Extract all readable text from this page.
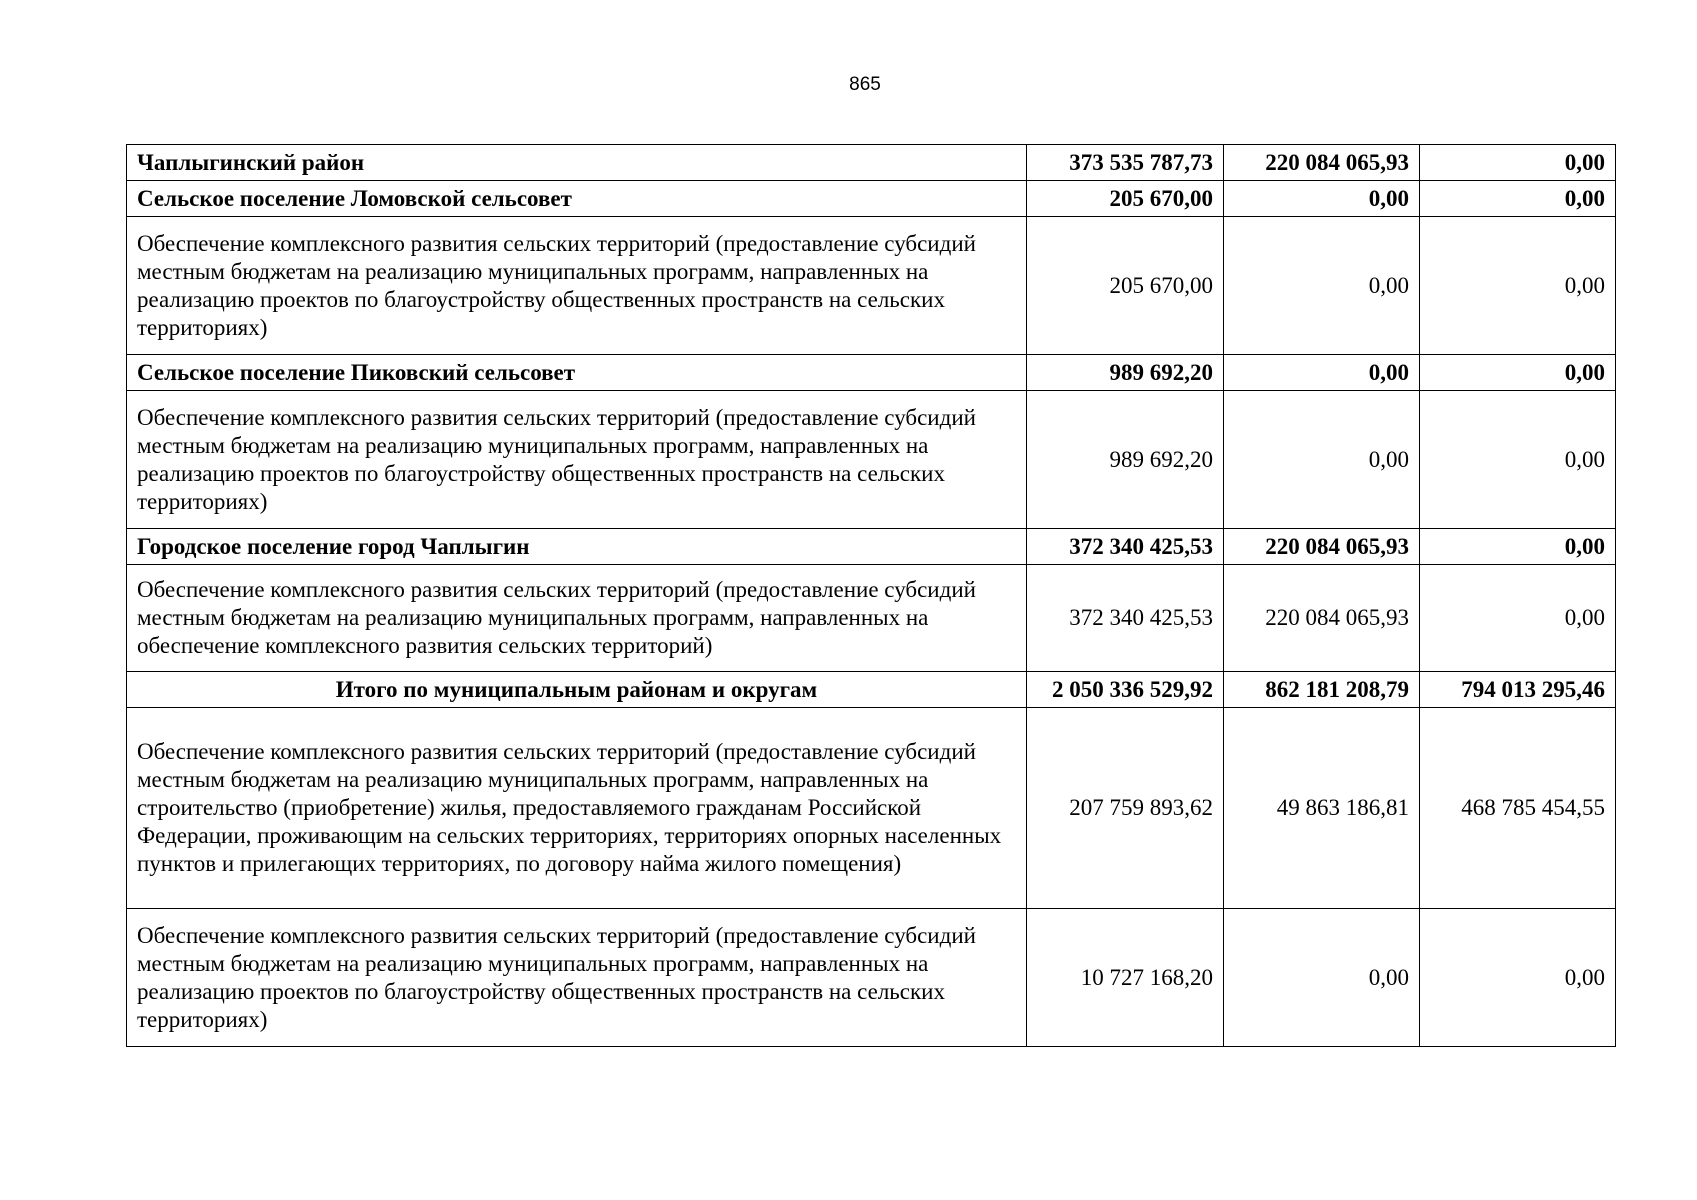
865
Чаплыгинский район	373 535 787,73	220 084 065,93	0,00
Сельское поселение Ломовской сельсовет	205 670,00	0,00	0,00
Обеспечение комплексного развития сельских территорий (предоставление субсидий местным бюджетам на реализацию муниципальных программ, направленных на реализацию проектов по благоустройству общественных пространств на сельских территориях)	205 670,00	0,00	0,00
Сельское поселение Пиковский сельсовет	989 692,20	0,00	0,00
Обеспечение комплексного развития сельских территорий (предоставление субсидий местным бюджетам на реализацию муниципальных программ, направленных на реализацию проектов по благоустройству общественных пространств на сельских территориях)	989 692,20	0,00	0,00
Городское поселение город Чаплыгин	372 340 425,53	220 084 065,93	0,00
Обеспечение комплексного развития сельских территорий (предоставление субсидий местным бюджетам на реализацию муниципальных программ, направленных на обеспечение комплексного развития сельских территорий)	372 340 425,53	220 084 065,93	0,00
Итого по муниципальным районам и округам	2 050 336 529,92	862 181 208,79	794 013 295,46
Обеспечение комплексного развития сельских территорий (предоставление субсидий местным бюджетам на реализацию муниципальных программ, направленных на строительство (приобретение) жилья, предоставляемого гражданам Российской Федерации, проживающим на сельских территориях, территориях опорных населенных пунктов и прилегающих территориях, по договору найма жилого помещения)	207 759 893,62	49 863 186,81	468 785 454,55
Обеспечение комплексного развития сельских территорий (предоставление субсидий местным бюджетам на реализацию муниципальных программ, направленных на реализацию проектов по благоустройству общественных пространств на сельских территориях)	10 727 168,20	0,00	0,00
